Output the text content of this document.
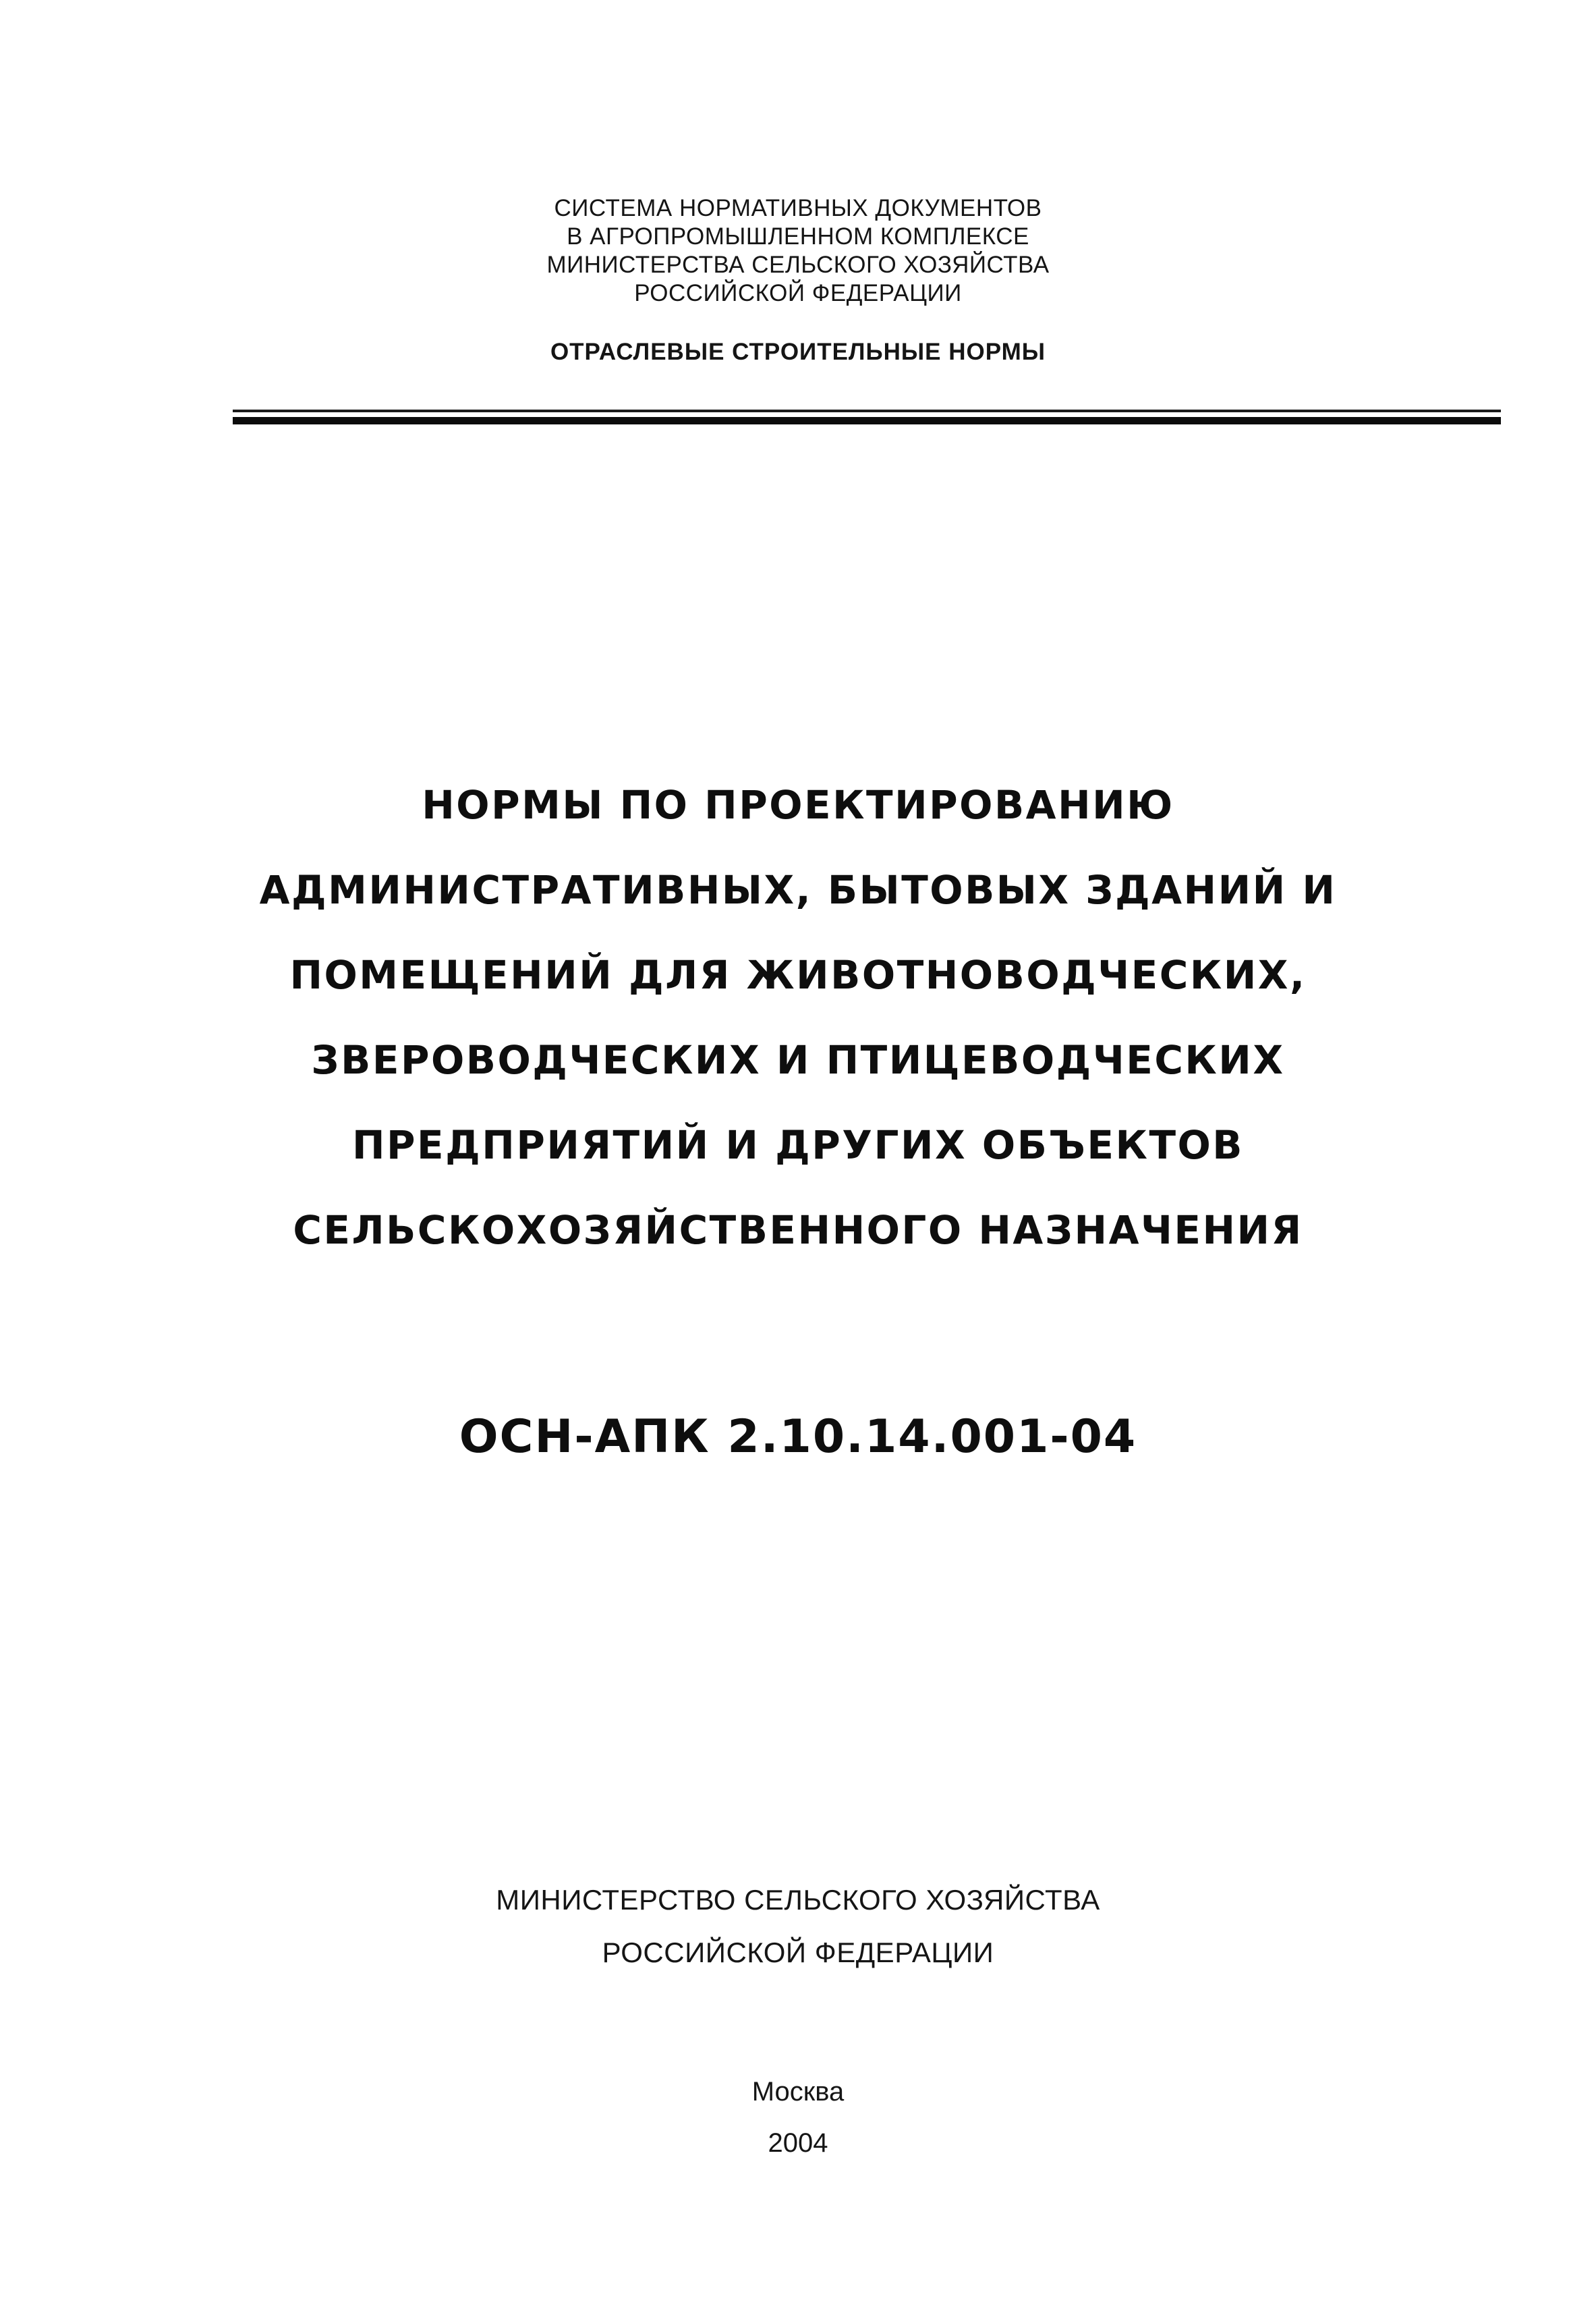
СИСТЕМА НОРМАТИВНЫХ ДОКУМЕНТОВ
В АГРОПРОМЫШЛЕННОМ КОМПЛЕКСЕ
МИНИСТЕРСТВА СЕЛЬСКОГО ХОЗЯЙСТВА
РОССИЙСКОЙ ФЕДЕРАЦИИ
ОТРАСЛЕВЫЕ СТРОИТЕЛЬНЫЕ НОРМЫ
НОРМЫ ПО ПРОЕКТИРОВАНИЮ
АДМИНИСТРАТИВНЫХ, БЫТОВЫХ ЗДАНИЙ И
ПОМЕЩЕНИЙ ДЛЯ ЖИВОТНОВОДЧЕСКИХ,
ЗВЕРОВОДЧЕСКИХ И ПТИЦЕВОДЧЕСКИХ
ПРЕДПРИЯТИЙ И ДРУГИХ ОБЪЕКТОВ
СЕЛЬСКОХОЗЯЙСТВЕННОГО НАЗНАЧЕНИЯ
ОСН-АПК 2.10.14.001-04
МИНИСТЕРСТВО СЕЛЬСКОГО ХОЗЯЙСТВА
РОССИЙСКОЙ ФЕДЕРАЦИИ
Москва
2004
